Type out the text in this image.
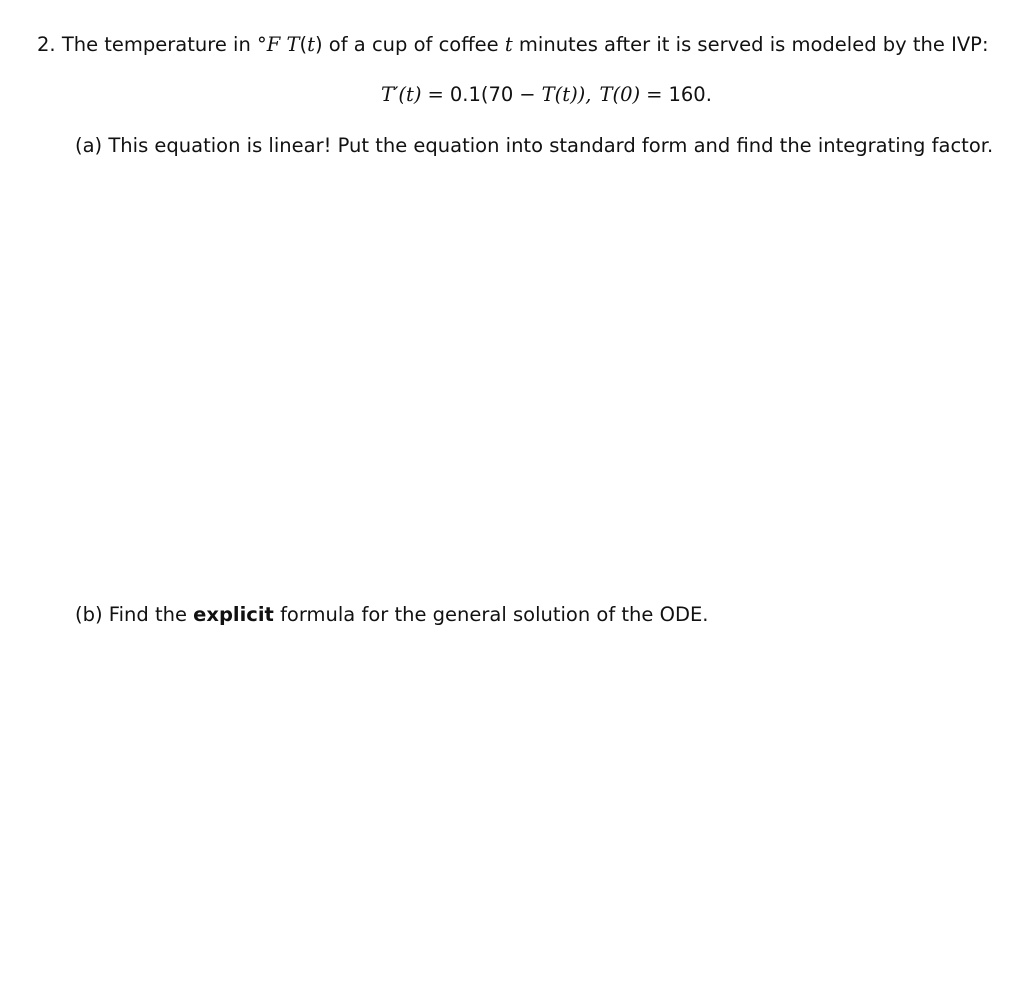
2. The temperature in °F T(t) of a cup of coffee t minutes after it is served is modeled by the IVP:
T′(t) = 0.1(70 − T(t)), T(0) = 160.
(a) This equation is linear! Put the equation into standard form and find the integrating factor.
(b) Find the explicit formula for the general solution of the ODE.
